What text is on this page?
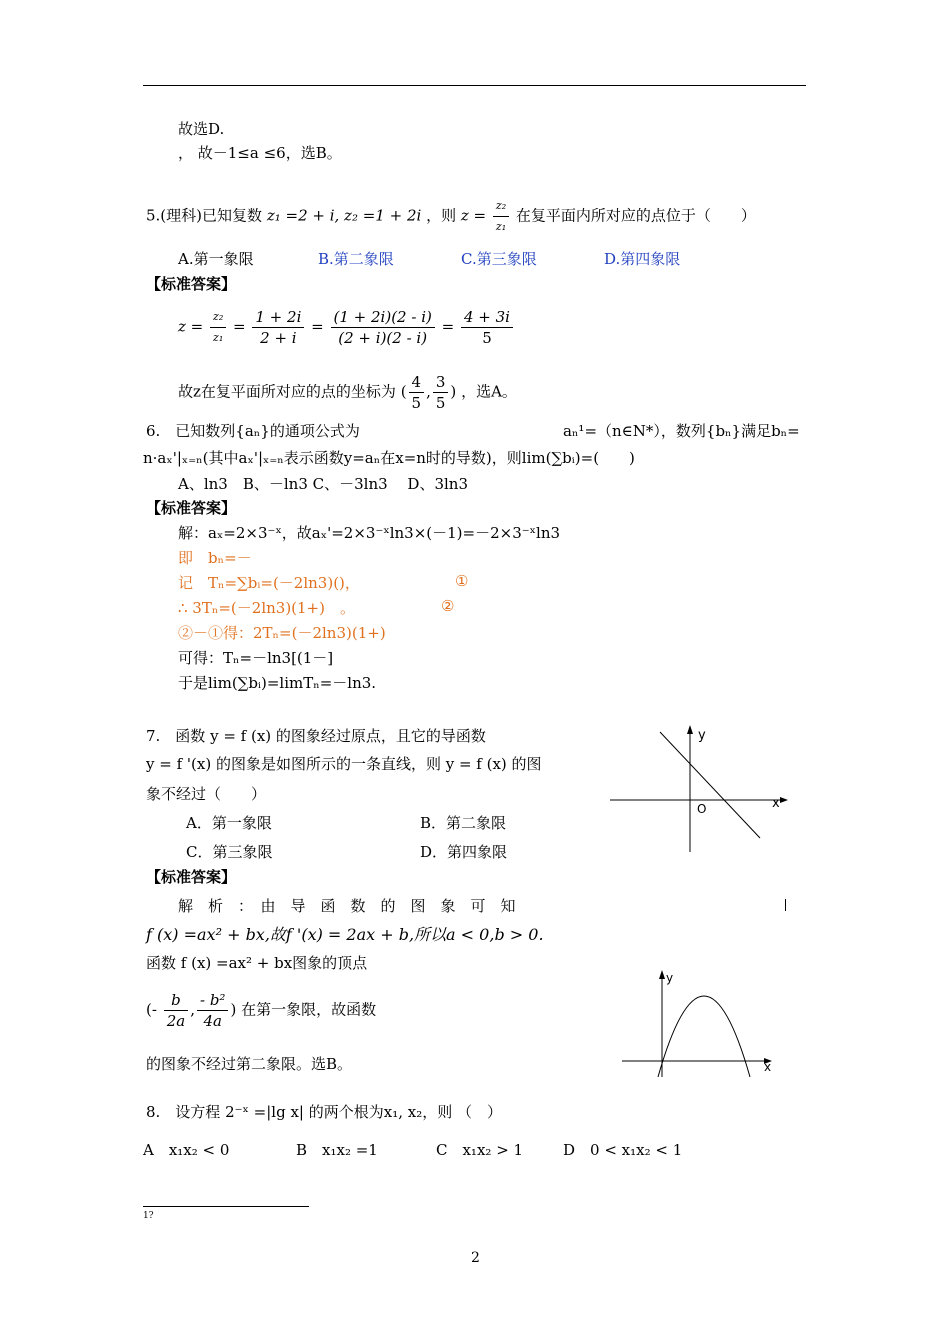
故选D.
， 故－1≤a ≤6，选B。
5.(理科)已知复数 z₁ =2 + i, z₂ =1 + 2i ，则 $z = \frac{\text{z₂}}{\text{z₁}}$ 在复平面内所对应的点位于（　　）
A.第一象限	B.第二象限	C.第三象限	D.第四象限
【标准答案】
$z = \frac{\text{z₂}}{\text{z₁}} = \frac{1 + 2i}{2 + i} = \frac{(1 + 2i)(2 - i)}{(2 + i)(2 - i)} = \frac{4 + 3i}{5}$
故z在复平面所对应的点的坐标为 ( $\frac{4}{5}$ , $\frac{3}{5}$ ) ，选A。
6.　已知数列{aₙ}的通项公式为	aₙ¹=（n∈N*），数列{bₙ}满足bₙ=
n·aₓ'|ₓ₌ₙ(其中aₓ'|ₓ₌ₙ表示函数y=aₙ在x=n时的导数)，则lim(∑bᵢ)=(　　)
A、ln3　B、－ln3 C、－3ln3　 D、3ln3
【标准答案】
解：aₓ=2×3⁻ˣ，故aₓ'=2×3⁻ˣln3×(－1)=－2×3⁻ˣln3
即　bₙ=－
记　Tₙ=∑bᵢ=(－2ln3)()，	①
∴ 3Tₙ=(－2ln3)(1+)　。	②
②－①得：2Tₙ=(－2ln3)(1+)
可得：Tₙ=－ln3[(1－]
于是lim(∑bᵢ)=limTₙ=－ln3.
7.　函数 y = f (x) 的图象经过原点，且它的导函数
y = f '(x) 的图象是如图所示的一条直线，则 y = f (x) 的图
象不经过（　　）
A．第一象限	B．第二象限
C．第三象限	D．第四象限
y
x
O
【标准答案】
解　析　：　由　导　函　数　的　图　象　可　知
f (x) =ax² + bx,故f '(x) = 2ax + b,所以a < 0,b > 0.
函数 f (x) =ax² + bx图象的顶点
(- $\frac{b}{2a}$ , $\frac{\text{- b²}}{4a}$ ) 在第一象限，故函数
的图象不经过第二象限。选B。
y
x
8.　设方程 2⁻ˣ =|lg x| 的两个根为x₁, x₂，则 （　）
A　x₁x₂ < 0	B　x₁x₂ =1	C　x₁x₂ > 1	D　0 < x₁x₂ < 1
1?
2
